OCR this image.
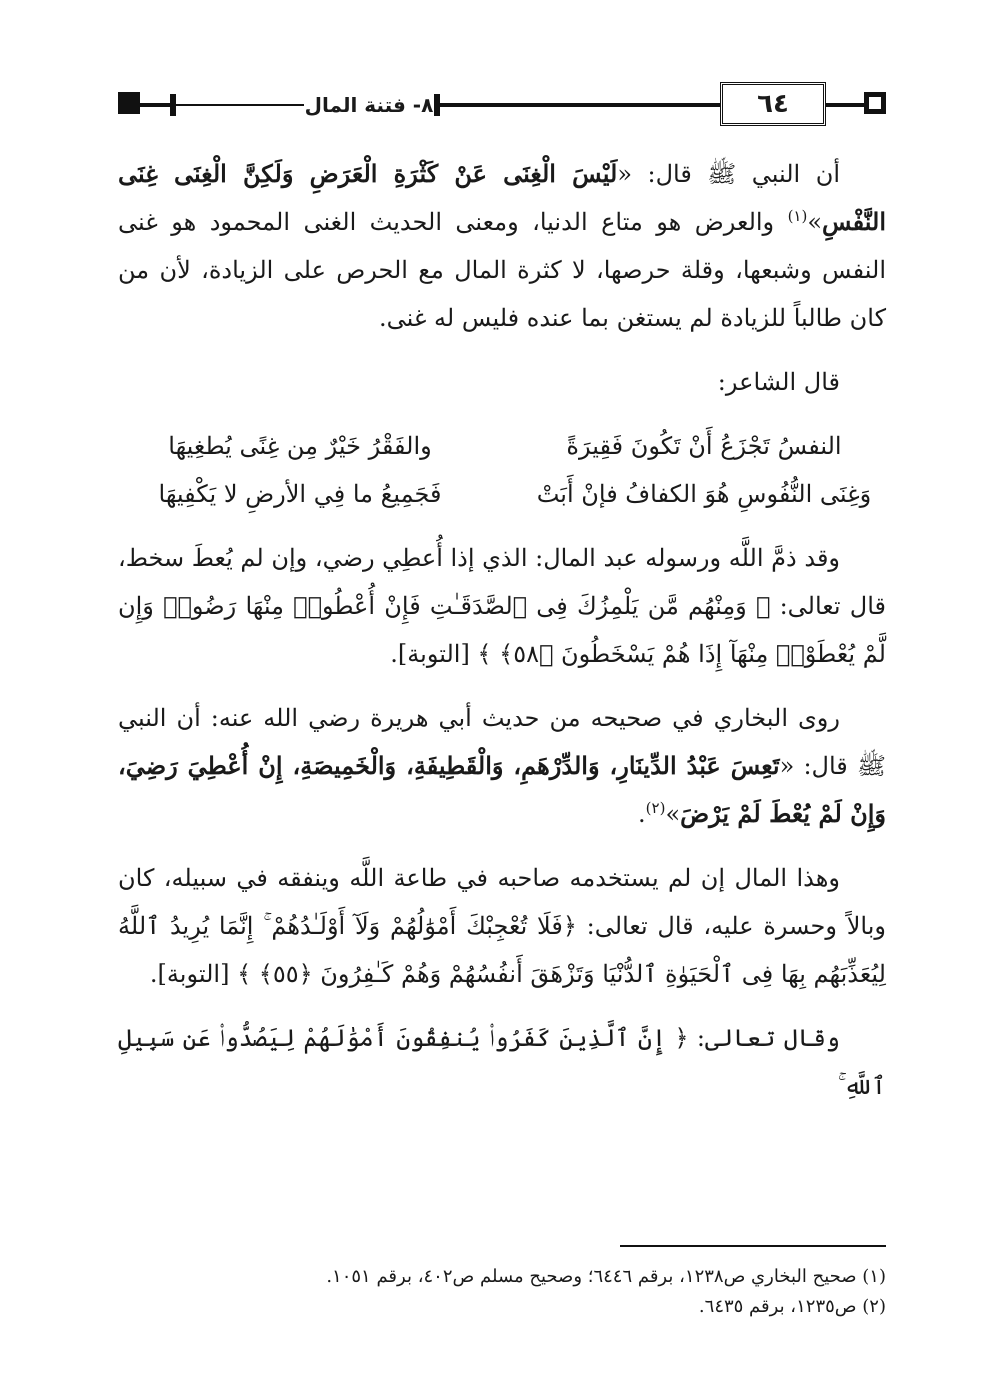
٨- فتنة المال	٦٤

أن النبي ﷺ قال: «لَيْسَ الْغِنَى عَنْ كَثْرَةِ الْعَرَضِ وَلَكِنَّ الْغِنَى غِنَى النَّفْسِ»$^{(١)}$ والعرض هو متاع الدنيا، ومعنى الحديث الغنى المحمود هو غنى النفس وشبعها، وقلة حرصها، لا كثرة المال مع الحرص على الزيادة، لأن من كان طالباً للزيادة لم يستغن بما عنده فليس له غنى.

قال الشاعر:

النفسُ تَجْزَعُ أَنْ تَكُونَ فَقِيرَةً
والفَقْرُ خَيْرٌ مِن غِنًى يُطغِيهَا
وَغِنَى النُّفُوسِ هُوَ الكفافُ فإنْ أَبَتْ
فَجَمِيعُ ما فِي الأرضِ لا يَكْفِيهَا

وقد ذمَّ اللَّه ورسوله عبد المال: الذي إذا أُعطِي رضي، وإن لم يُعطَ سخط، قال تعالى: ﴿ وَمِنْهُم مَّن يَلْمِزُكَ فِى ٱلصَّدَقَـٰتِ فَإِنْ أُعْطُوا۟ مِنْهَا رَضُوا۟ وَإِن لَّمْ يُعْطَوْا۟ مِنْهَآ إِذَا هُمْ يَسْخَطُونَ ﴿٥٨﴾ ﴾ [التوبة].

روى البخاري في صحيحه من حديث أبي هريرة رضي الله عنه: أن النبي ﷺ قال: «تَعِسَ عَبْدُ الدِّينَارِ، وَالدِّرْهَمِ، وَالْقَطِيفَةِ، وَالْخَمِيصَةِ، إِنْ أُعْطِيَ رَضِيَ، وَإِنْ لَمْ يُعْطَ لَمْ يَرْضَ»$^{(٢)}$.

وهذا المال إن لم يستخدمه صاحبه في طاعة اللَّه وينفقه في سبيله، كان وبالاً وحسرة عليه، قال تعالى: ﴿فَلَا تُعْجِبْكَ أَمْوَٰلُهُمْ وَلَآ أَوْلَـٰدُهُمْ ۚ إِنَّمَا يُرِيدُ ٱللَّهُ لِيُعَذِّبَهُم بِهَا فِى ٱلْحَيَوٰةِ ٱلدُّنْيَا وَتَزْهَقَ أَنفُسُهُمْ وَهُمْ كَـٰفِرُونَ ﴿٥٥﴾ ﴾ [التوبة].

وقال تعالى: ﴿ إِنَّ ٱلَّذِينَ كَفَرُوا۟ يُنفِقُونَ أَمْوَٰلَهُمْ لِيَصُدُّوا۟ عَن سَبِيلِ ٱللَّهِ ۚ

(١) صحيح البخاري ص١٢٣٨، برقم ٦٤٤٦؛ وصحيح مسلم ص٤٠٢، برقم ١٠٥١.
(٢) ص١٢٣٥، برقم ٦٤٣٥.
